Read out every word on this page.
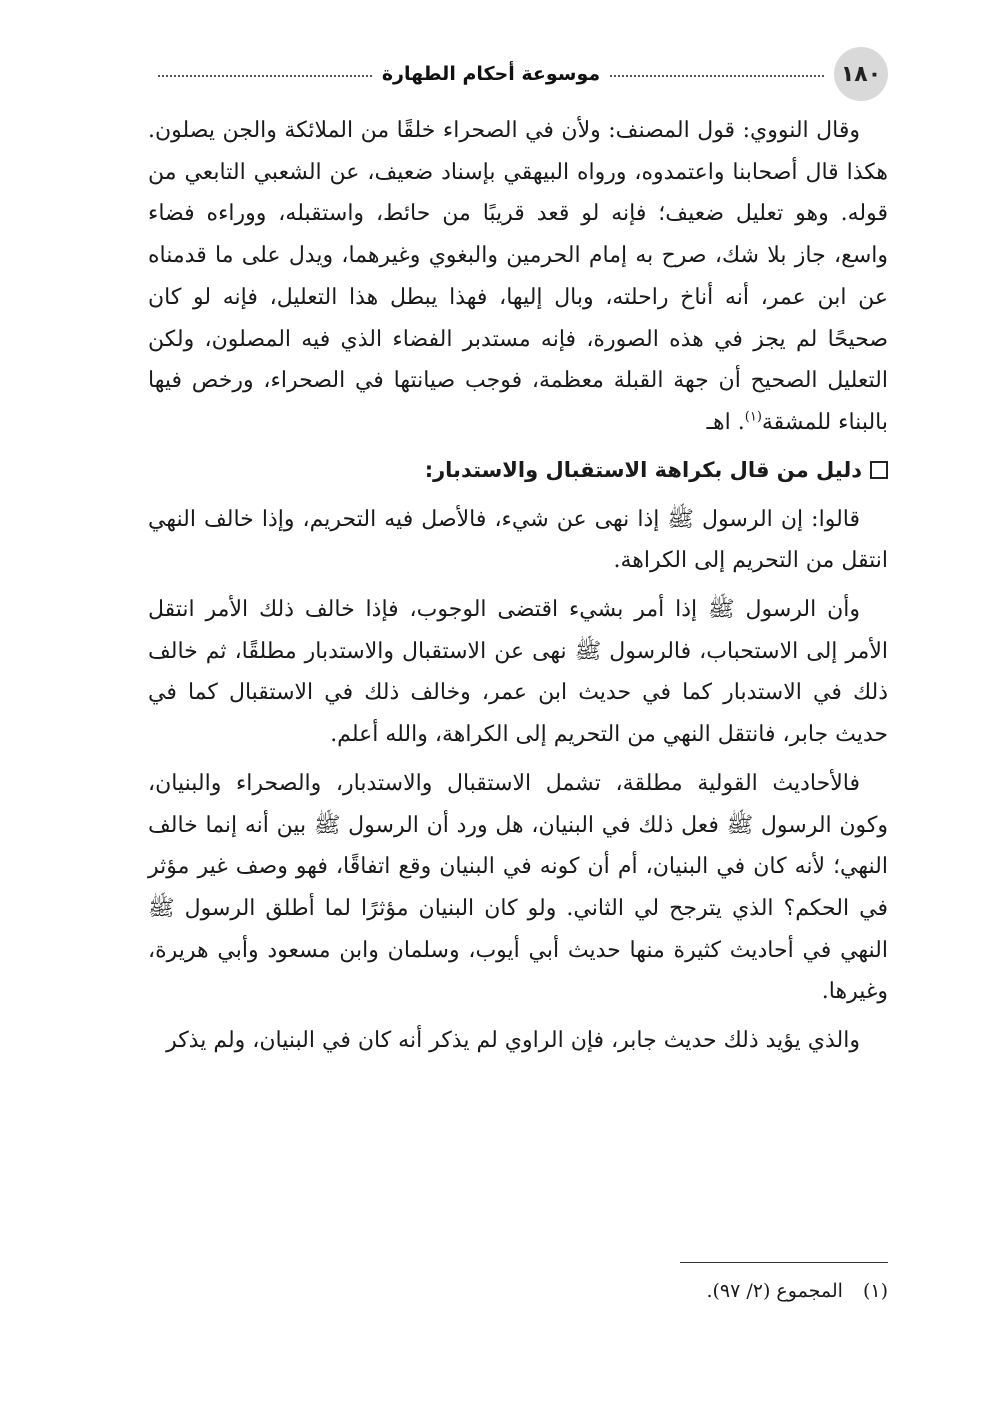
١٨٠
موسوعة أحكام الطهارة

وقال النووي: قول المصنف: ولأن في الصحراء خلقًا من الملائكة والجن يصلون. هكذا قال أصحابنا واعتمدوه، ورواه البيهقي بإسناد ضعيف، عن الشعبي التابعي من قوله. وهو تعليل ضعيف؛ فإنه لو قعد قريبًا من حائط، واستقبله، ووراءه فضاء واسع، جاز بلا شك، صرح به إمام الحرمين والبغوي وغيرهما، ويدل على ما قدمناه عن ابن عمر، أنه أناخ راحلته، وبال إليها، فهذا يبطل هذا التعليل، فإنه لو كان صحيحًا لم يجز في هذه الصورة، فإنه مستدبر الفضاء الذي فيه المصلون، ولكن التعليل الصحيح أن جهة القبلة معظمة، فوجب صيانتها في الصحراء، ورخص فيها بالبناء للمشقة$^{(١)}$. اهـ

دليل من قال بكراهة الاستقبال والاستدبار:

قالوا: إن الرسول ﷺ إذا نهى عن شيء، فالأصل فيه التحريم، وإذا خالف النهي انتقل من التحريم إلى الكراهة.

وأن الرسول ﷺ إذا أمر بشيء اقتضى الوجوب، فإذا خالف ذلك الأمر انتقل الأمر إلى الاستحباب، فالرسول ﷺ نهى عن الاستقبال والاستدبار مطلقًا، ثم خالف ذلك في الاستدبار كما في حديث ابن عمر، وخالف ذلك في الاستقبال كما في حديث جابر، فانتقل النهي من التحريم إلى الكراهة، والله أعلم.

فالأحاديث القولية مطلقة، تشمل الاستقبال والاستدبار، والصحراء والبنيان، وكون الرسول ﷺ فعل ذلك في البنيان، هل ورد أن الرسول ﷺ بين أنه إنما خالف النهي؛ لأنه كان في البنيان، أم أن كونه في البنيان وقع اتفاقًا، فهو وصف غير مؤثر في الحكم؟ الذي يترجح لي الثاني. ولو كان البنيان مؤثرًا لما أطلق الرسول ﷺ النهي في أحاديث كثيرة منها حديث أبي أيوب، وسلمان وابن مسعود وأبي هريرة، وغيرها.

والذي يؤيد ذلك حديث جابر، فإن الراوي لم يذكر أنه كان في البنيان، ولم يذكر

(١) المجموع (٢/ ٩٧).
